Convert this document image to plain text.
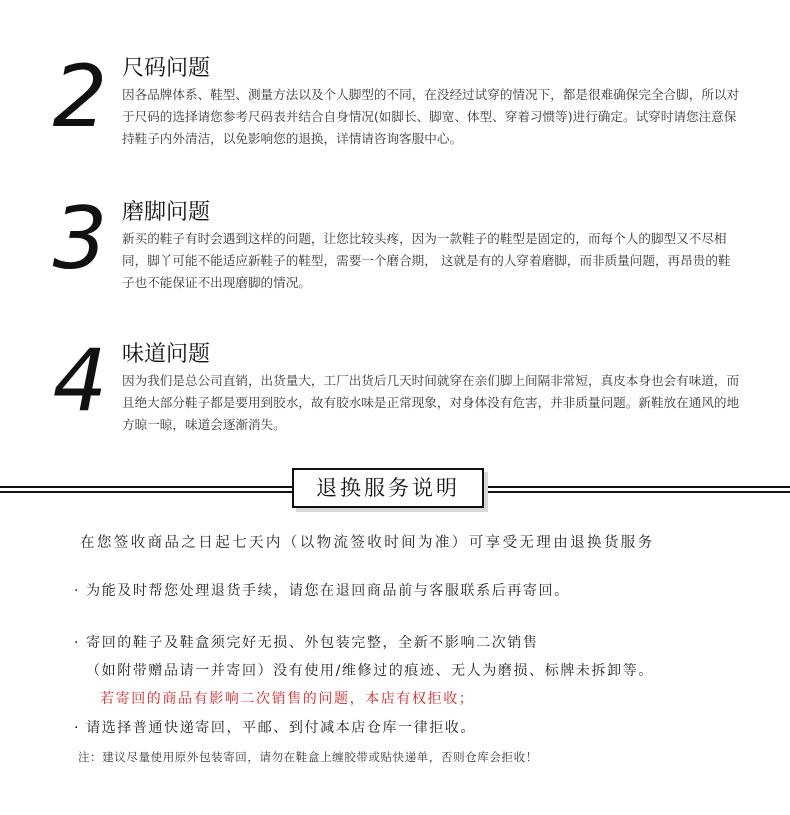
2 尺码问题
因各品牌体系、鞋型、测量方法以及个人脚型的不同，在没经过试穿的情况下，都是很难确保完全合脚，所以对于尺码的选择请您参考尺码表并结合自身情况(如脚长、脚宽、体型、穿着习惯等)进行确定。试穿时请您注意保持鞋子内外清洁，以免影响您的退换，详情请咨询客服中心。
3 磨脚问题
新买的鞋子有时会遇到这样的问题，让您比较头疼，因为一款鞋子的鞋型是固定的，而每个人的脚型又不尽相同，脚丫可能不能适应新鞋子的鞋型，需要一个磨合期， 这就是有的人穿着磨脚，而非质量问题，再昂贵的鞋子也不能保证不出现磨脚的情况。
4 味道问题
因为我们是总公司直销，出货量大，工厂出货后几天时间就穿在亲们脚上间隔非常短，真皮本身也会有味道，而且绝大部分鞋子都是要用到胶水，故有胶水味是正常现象，对身体没有危害，并非质量问题。新鞋放在通风的地方晾一晾，味道会逐渐消失。
退换服务说明
在您签收商品之日起七天内（以物流签收时间为准）可享受无理由退换货服务
· 为能及时帮您处理退货手续，请您在退回商品前与客服联系后再寄回。
· 寄回的鞋子及鞋盒须完好无损、外包装完整，全新不影响二次销售
（如附带赠品请一并寄回）没有使用/维修过的痕迹、无人为磨损、标牌未拆卸等。
若寄回的商品有影响二次销售的问题，本店有权拒收；
· 请选择普通快递寄回，平邮、到付减本店仓库一律拒收。
注：建议尽量使用原外包装寄回，请勿在鞋盒上缠胶带或贴快递单，否则仓库会拒收！
